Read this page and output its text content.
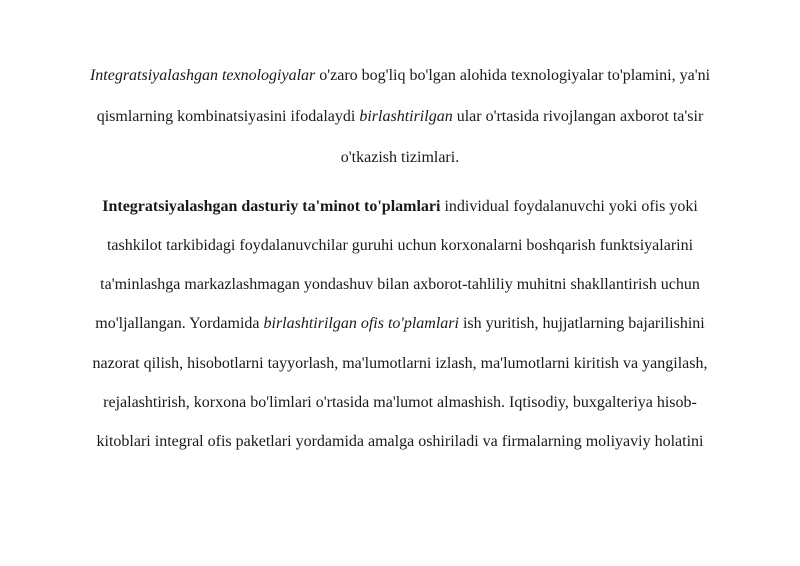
Integratsiyalashgan texnologiyalar o'zaro bog'liq bo'lgan alohida texnologiyalar to'plamini, ya'ni
qismlarning kombinatsiyasini ifodalaydi birlashtirilgan ular o'rtasida rivojlangan axborot ta'sir
o'tkazish tizimlari.
Integratsiyalashgan dasturiy ta'minot to'plamlari individual foydalanuvchi yoki ofis yoki
tashkilot tarkibidagi foydalanuvchilar guruhi uchun korxonalarni boshqarish funktsiyalarini
ta'minlashga markazlashmagan yondashuv bilan axborot-tahliliy muhitni shakllantirish uchun
mo'ljallangan. Yordamida birlashtirilgan ofis to'plamlari ish yuritish, hujjatlarning bajarilishini
nazorat qilish, hisobotlarni tayyorlash, ma'lumotlarni izlash, ma'lumotlarni kiritish va yangilash,
rejalashtirish, korxona bo'limlari o'rtasida ma'lumot almashish. Iqtisodiy, buxgalteriya hisob-
kitoblari integral ofis paketlari yordamida amalga oshiriladi va firmalarning moliyaviy holatini
